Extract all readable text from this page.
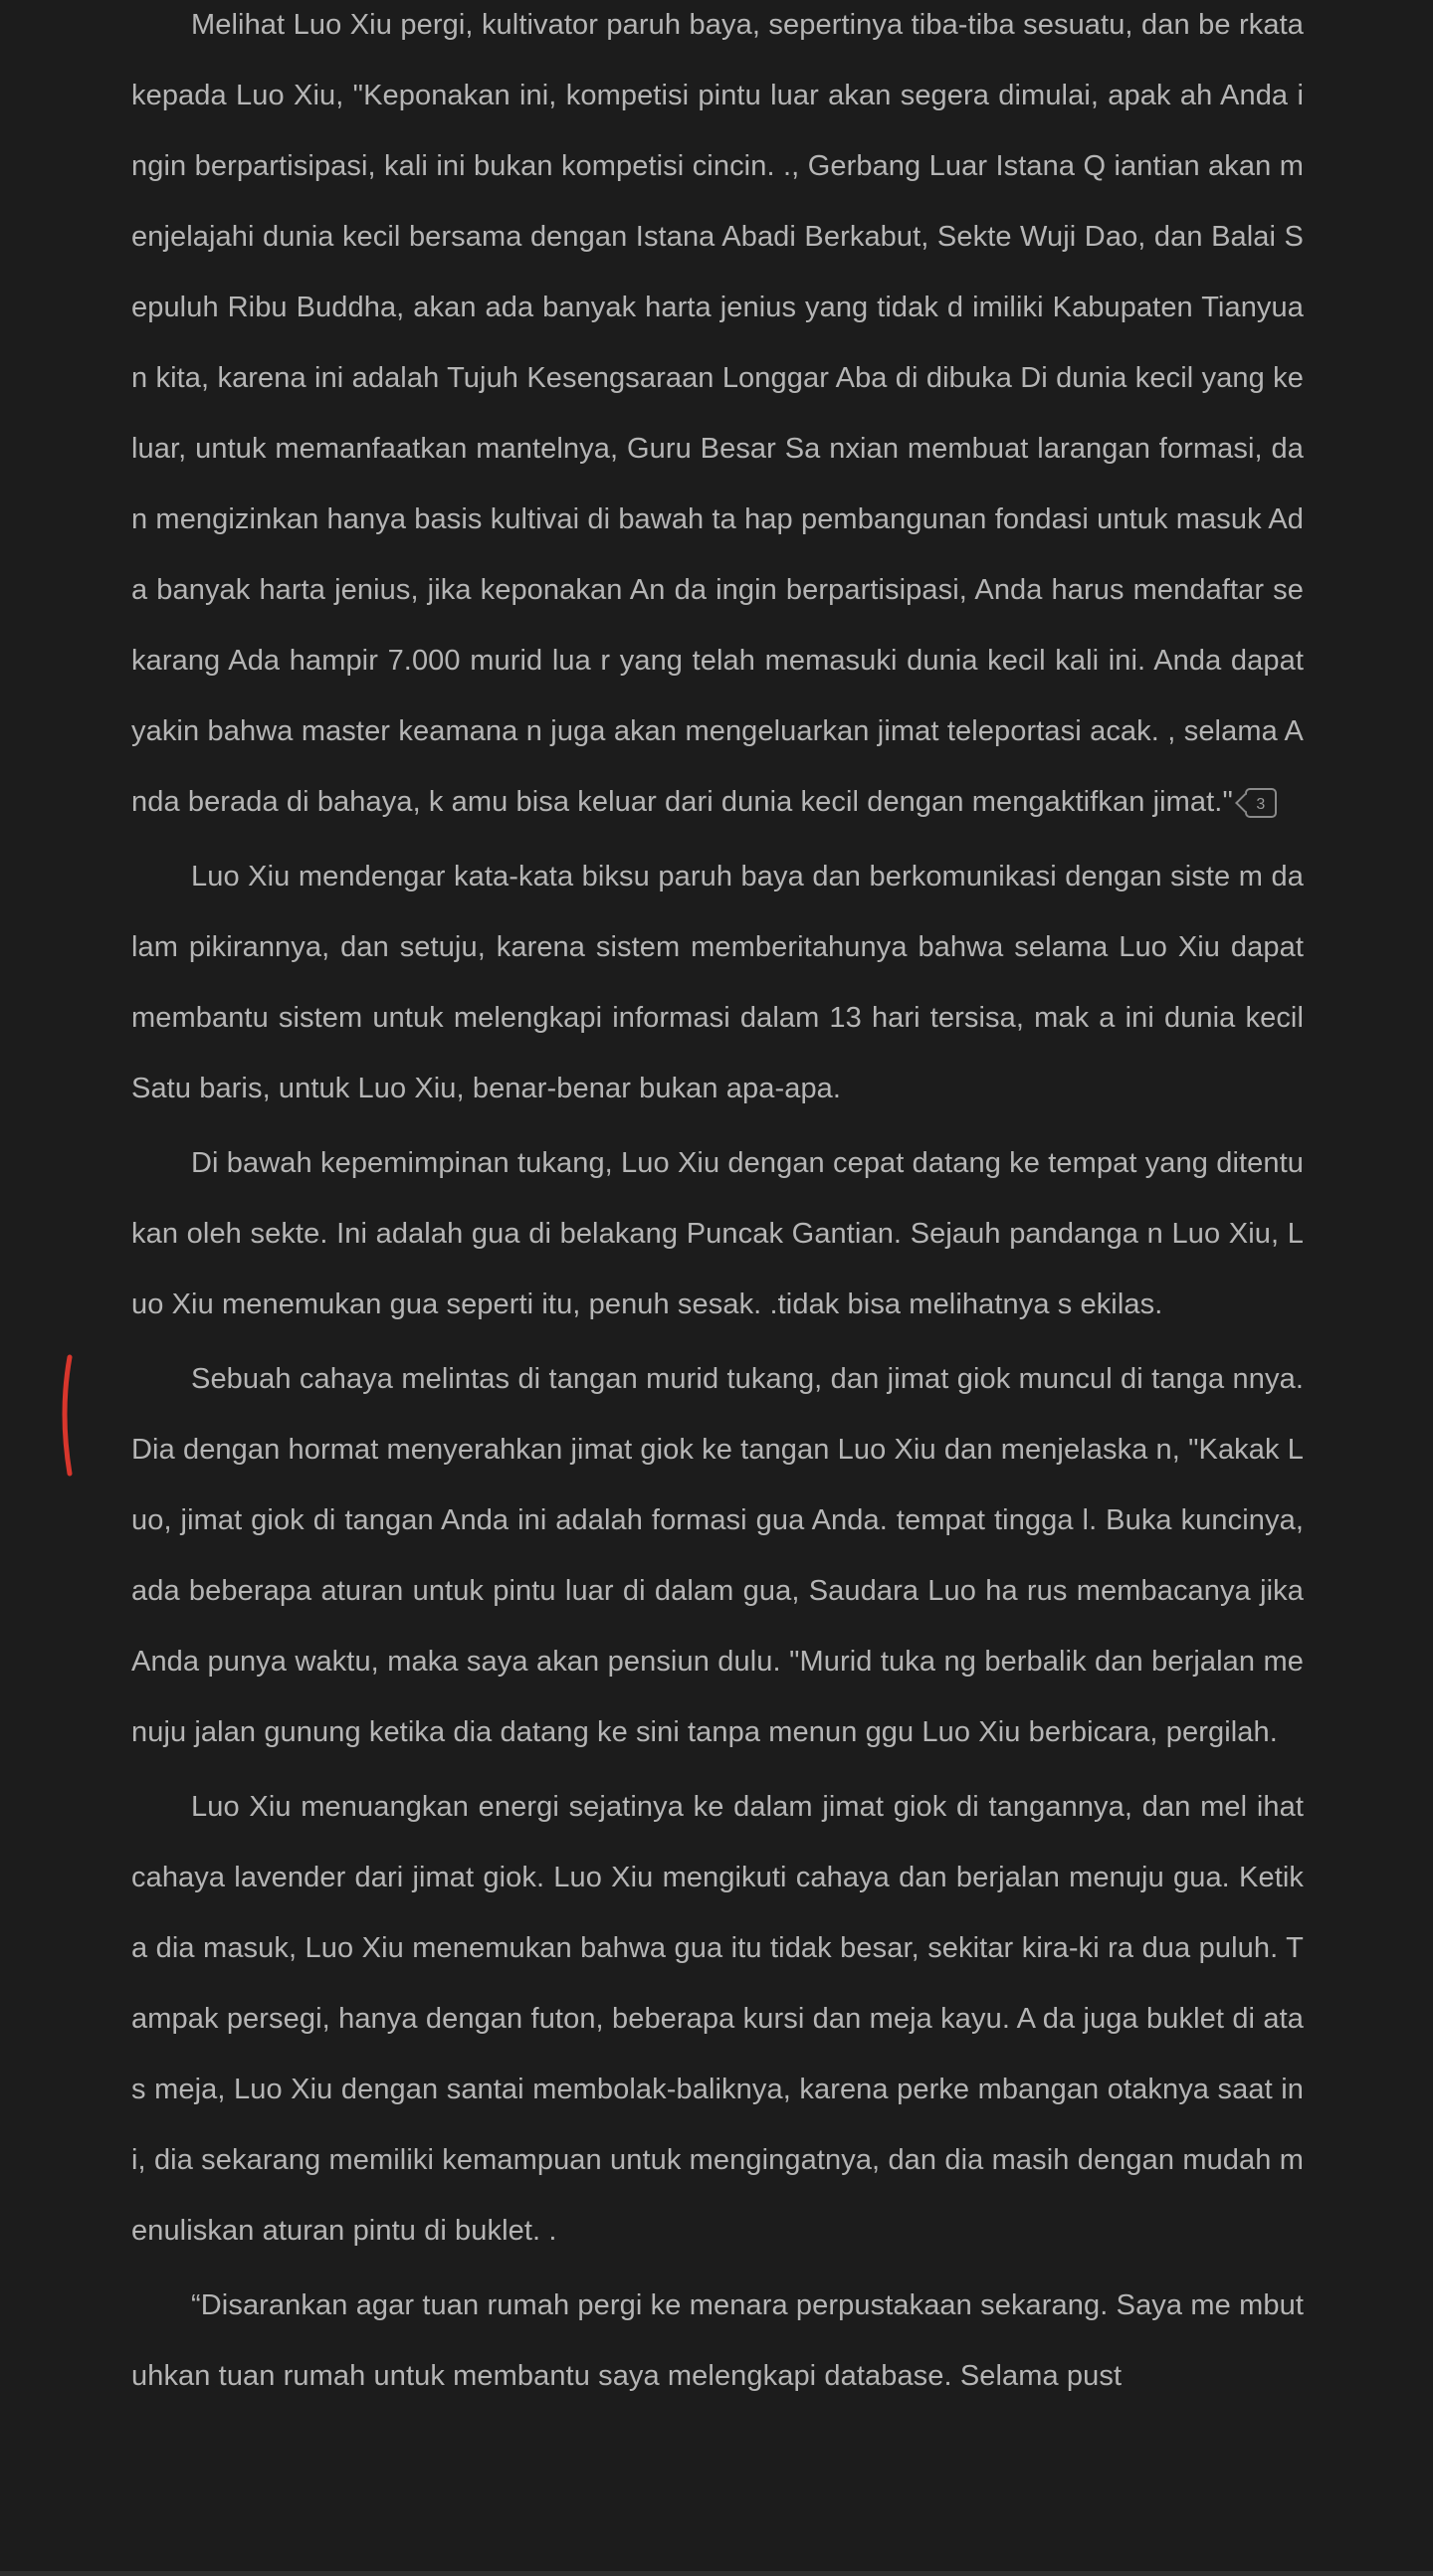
Melihat Luo Xiu pergi, kultivator paruh baya, sepertinya tiba-tiba sesuatu, dan be rkata kepada Luo Xiu, "Keponakan ini, kompetisi pintu luar akan segera dimulai, apak ah Anda ingin berpartisipasi, kali ini bukan kompetisi cincin. ., Gerbang Luar Istana Q iantian akan menjelajahi dunia kecil bersama dengan Istana Abadi Berkabut, Sekte Wuji Dao, dan Balai Sepuluh Ribu Buddha, akan ada banyak harta jenius yang tidak d imiliki Kabupaten Tianyuan kita, karena ini adalah Tujuh Kesengsaraan Longgar Aba di dibuka Di dunia kecil yang keluar, untuk memanfaatkan mantelnya, Guru Besar Sa nxian membuat larangan formasi, dan mengizinkan hanya basis kultivai di bawah ta hap pembangunan fondasi untuk masuk Ada banyak harta jenius, jika keponakan An da ingin berpartisipasi, Anda harus mendaftar sekarang Ada hampir 7.000 murid lua r yang telah memasuki dunia kecil kali ini. Anda dapat yakin bahwa master keamana n juga akan mengeluarkan jimat teleportasi acak. , selama Anda berada di bahaya, k amu bisa keluar dari dunia kecil dengan mengaktifkan jimat." 3

Luo Xiu mendengar kata-kata biksu paruh baya dan berkomunikasi dengan siste m dalam pikirannya, dan setuju, karena sistem memberitahunya bahwa selama Luo Xiu dapat membantu sistem untuk melengkapi informasi dalam 13 hari tersisa, mak a ini dunia kecil Satu baris, untuk Luo Xiu, benar-benar bukan apa-apa.

Di bawah kepemimpinan tukang, Luo Xiu dengan cepat datang ke tempat yang ditentukan oleh sekte. Ini adalah gua di belakang Puncak Gantian. Sejauh pandanga n Luo Xiu, Luo Xiu menemukan gua seperti itu, penuh sesak. .tidak bisa melihatnya s ekilas.

Sebuah cahaya melintas di tangan murid tukang, dan jimat giok muncul di tanga nnya. Dia dengan hormat menyerahkan jimat giok ke tangan Luo Xiu dan menjelaska n, "Kakak Luo, jimat giok di tangan Anda ini adalah formasi gua Anda. tempat tingga l. Buka kuncinya, ada beberapa aturan untuk pintu luar di dalam gua, Saudara Luo ha rus membacanya jika Anda punya waktu, maka saya akan pensiun dulu. "Murid tuka ng berbalik dan berjalan menuju jalan gunung ketika dia datang ke sini tanpa menun ggu Luo Xiu berbicara, pergilah.

Luo Xiu menuangkan energi sejatinya ke dalam jimat giok di tangannya, dan mel ihat cahaya lavender dari jimat giok. Luo Xiu mengikuti cahaya dan berjalan menuju gua. Ketika dia masuk, Luo Xiu menemukan bahwa gua itu tidak besar, sekitar kira-ki ra dua puluh. Tampak persegi, hanya dengan futon, beberapa kursi dan meja kayu. A da juga buklet di atas meja, Luo Xiu dengan santai membolak-baliknya, karena perke mbangan otaknya saat ini, dia sekarang memiliki kemampuan untuk mengingatnya, dan dia masih dengan mudah menuliskan aturan pintu di buklet. .

“Disarankan agar tuan rumah pergi ke menara perpustakaan sekarang. Saya me mbutuhkan tuan rumah untuk membantu saya melengkapi database. Selama pust
